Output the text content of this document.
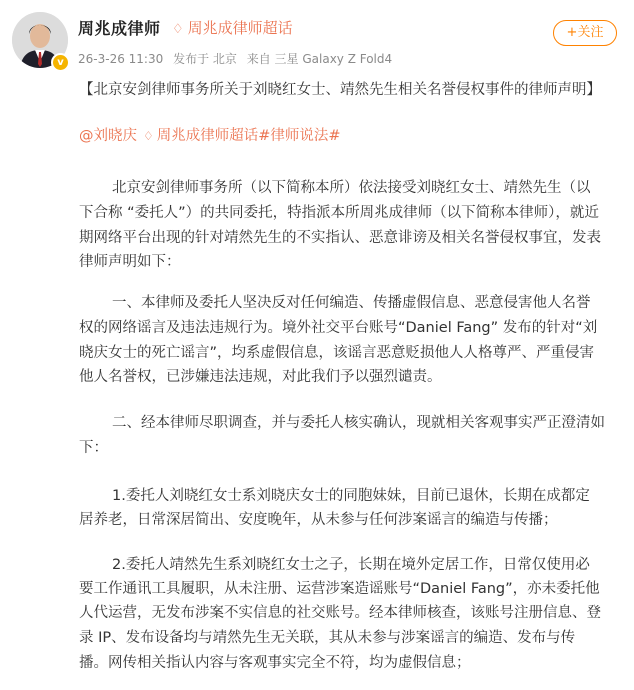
v
周兆成律师 ♢ 周兆成律师超话
26-3-26 11:30 发布于 北京 来自 三星 Galaxy Z Fold4
+关注
【北京安剑律师事务所关于刘晓红女士、靖然先生相关名誉侵权事件的律师声明】
@刘晓庆 ♢ 周兆成律师超话#律师说法#
北京安剑律师事务所（以下简称本所）依法接受刘晓红女士、靖然先生（以
下合称 “委托人”）的共同委托，特指派本所周兆成律师（以下简称本律师），就近
期网络平台出现的针对靖然先生的不实指认、恶意诽谤及相关名誉侵权事宜，发表
律师声明如下：
一、本律师及委托人坚决反对任何编造、传播虚假信息、恶意侵害他人名誉
权的网络谣言及违法违规行为。境外社交平台账号“Daniel Fang” 发布的针对“刘
晓庆女士的死亡谣言”，均系虚假信息，该谣言恶意贬损他人人格尊严、严重侵害
他人名誉权，已涉嫌违法违规，对此我们予以强烈谴责。
二、经本律师尽职调查，并与委托人核实确认，现就相关客观事实严正澄清如
下：
1.委托人刘晓红女士系刘晓庆女士的同胞妹妹，目前已退休，长期在成都定
居养老，日常深居简出、安度晚年，从未参与任何涉案谣言的编造与传播；
2.委托人靖然先生系刘晓红女士之子，长期在境外定居工作，日常仅使用必
要工作通讯工具履职，从未注册、运营涉案造谣账号“Daniel Fang”，亦未委托他
人代运营，无发布涉案不实信息的社交账号。经本律师核查，该账号注册信息、登
录 IP、发布设备均与靖然先生无关联，其从未参与涉案谣言的编造、发布与传
播。网传相关指认内容与客观事实完全不符，均为虚假信息；
